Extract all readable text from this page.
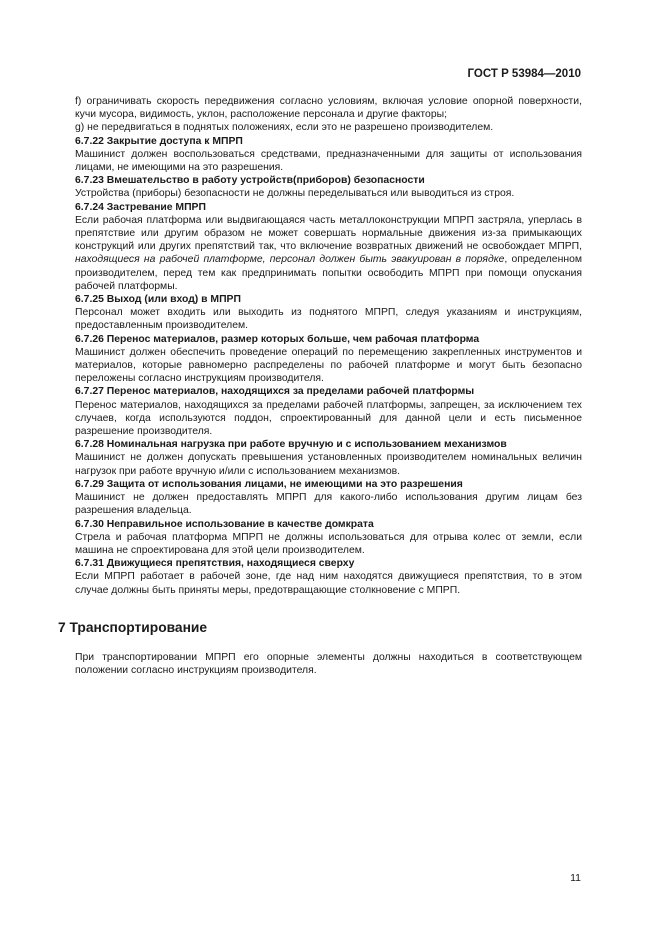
ГОСТ Р 53984—2010

f) ограничивать скорость передвижения согласно условиям, включая условие опорной поверхности, кучи мусора, видимость, уклон, расположение персонала и другие факторы;

g) не передвигаться в поднятых положениях, если это не разрешено производителем.

6.7.22 Закрытие доступа к МПРП

Машинист должен воспользоваться средствами, предназначенными для защиты от использования лицами, не имеющими на это разрешения.

6.7.23 Вмешательство в работу устройств(приборов) безопасности

Устройства (приборы) безопасности не должны переделываться или выводиться из строя.

6.7.24 Застревание МПРП

Если рабочая платформа или выдвигающаяся часть металлоконструкции МПРП застряла, уперлась в препятствие или другим образом не может совершать нормальные движения из-за примыкающих конструкций или других препятствий так, что включение возвратных движений не освобождает МПРП, находящиеся на рабочей платформе, персонал должен быть эвакуирован в порядке, определенном производителем, перед тем как предпринимать попытки освободить МПРП при помощи опускания рабочей платформы.

6.7.25 Выход (или вход) в МПРП

Персонал может входить или выходить из поднятого МПРП, следуя указаниям и инструкциям, предоставленным производителем.

6.7.26 Перенос материалов, размер которых больше, чем рабочая платформа

Машинист должен обеспечить проведение операций по перемещению закрепленных инструментов и материалов, которые равномерно распределены по рабочей платформе и могут быть безопасно переложены согласно инструкциям производителя.

6.7.27 Перенос материалов, находящихся за пределами рабочей платформы

Перенос материалов, находящихся за пределами рабочей платформы, запрещен, за исключением тех случаев, когда используются поддон, спроектированный для данной цели и есть письменное разрешение производителя.

6.7.28 Номинальная нагрузка при работе вручную и с использованием механизмов

Машинист не должен допускать превышения установленных производителем номинальных величин нагрузок при работе вручную и/или с использованием механизмов.

6.7.29 Защита от использования лицами, не имеющими на это разрешения

Машинист не должен предоставлять МПРП для какого-либо использования другим лицам без разрешения владельца.

6.7.30 Неправильное использование в качестве домкрата

Стрела и рабочая платформа МПРП не должны использоваться для отрыва колес от земли, если машина не спроектирована для этой цели производителем.

6.7.31 Движущиеся препятствия, находящиеся сверху

Если МПРП работает в рабочей зоне, где над ним находятся движущиеся препятствия, то в этом случае должны быть приняты меры, предотвращающие столкновение с МПРП.

7 Транспортирование

При транспортировании МПРП его опорные элементы должны находиться в соответствующем положении согласно инструкциям производителя.

11
